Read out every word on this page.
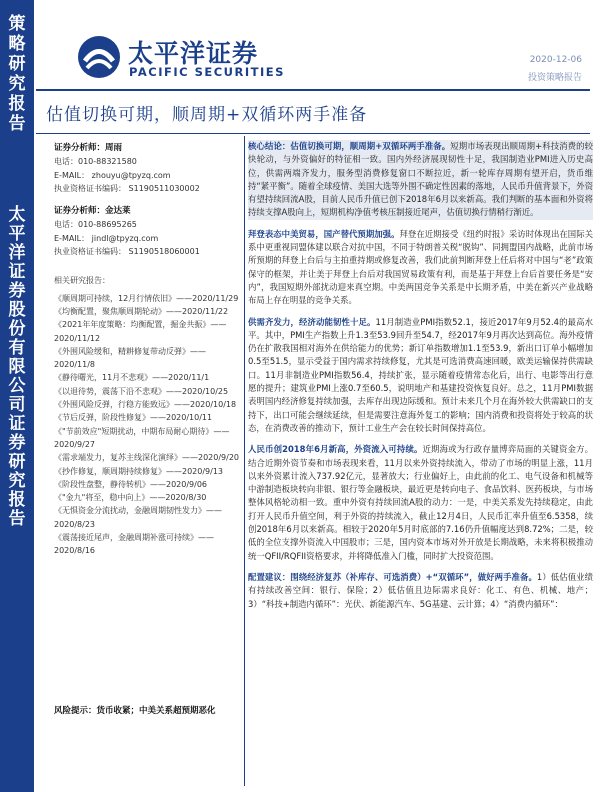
策
略
研
究
报
告
太
平
洋
证
券
股
份
有
限
公
司
证
券
研
究
报
告
太平洋证券
PACIFIC SECURITIES
2020-12-06
投资策略报告
估值切换可期，顺周期+双循环两手准备
证券分析师：周雨
电话：010-88321580
E-MAIL： zhouyu@tpyzq.com
执业资格证书编码： S1190511030002
证券分析师：金达莱
电话：010-88695265
E-MAIL： jindl@tpyzq.com
执业资格证书编码： S1190518060001
相关研究报告：
《顺周期可持续，12月行情依旧》——2020/11/29
《均衡配置，聚焦顺周期轮动》——2020/11/22
《2021年年度策略：均衡配置，掘金共振》——2020/11/12
《外围风险缓和，精耕修复带动反弹》——2020/11/8
《静待曙光，11月不悲观》——2020/11/1
《以退待势，震荡下沿不悲观》——2020/10/25
《外围风险反弹，行稳方能致远》——2020/10/18
《节后反弹，阶段性修复》——2020/10/11
《"节前效应"短期扰动，中期布局耐心期待》——2020/9/27
《需求端发力，复苏主线深化演绎》——2020/9/20
《抄作修复，顺周期持续修复》——2020/9/13
《阶段性盘整，静待转机》——2020/9/06
《"金九"将至，稳中向上》——2020/8/30
《无惧资金分流扰动，金融周期韧性发力》——2020/8/23
《震荡接近尾声，金融周期补涨可持续》——2020/8/16
风险提示：货币收紧；中美关系超预期恶化

核心结论：估值切换可期，顺周期+双循环两手准备。短期市场表现出顺周期+科技消费的较快轮动，与外资偏好的特征相一致。国内外经济展现韧性十足，我国制造业PMI进入历史高位，供需两端齐发力，服务型消费修复窗口不断拉近，新一轮库存周期有望开启，货币维持“紧平衡”。随着全球疫情、美国大选等外围不确定性因素的落地，人民币升值背景下，外资有望持续回流A股，目前人民币升值已创下2018年6月以来新高。我们判断的基本面和外资将持续支撑A股向上，短期机构净值考核压制接近尾声，估值切换行情稍行渐近。

拜登表态中美贸易，国产替代预期加强。拜登在近期接受《纽约时报》采访时体现出在国际关系中更重视同盟体建以联合对抗中国，不同于特朗普关税“脱钩”、同拥盟国内战略，此前市场所预期的拜登上台后与主拍重持期或修复改善，我们此前判断拜登上任后将对中国与“老”政策保守的框架，并让美于拜登上台后对我国贸易政策有利，而是基于拜登上台后首要任务是“安内”，我国短期外部扰动迎来真空期。中美两国竞争关系是中长期矛盾，中美在新兴产业战略布局上存在明显的竞争关系。

供需齐发力，经济动能韧性十足。11月制造业PMI指数52.1，接近2017年9月52.4的最高水平。其中，PMI生产指数上升1.3至53.9回升至54.7，经2017年9月再次达到高位。海外疫情仍在扩散我国相对海外在供给能力的优势；新订单指数增加1.1至53.9，新出口订单小幅增加0.5至51.5，显示受益于国内需求持续修复，尤其是可选消费高速回暖，欧美运输保持供需缺口。11月非制造业PMI指数56.4，持续扩张，显示随着疫情常态化后，出行、电影等出行意愿的提升；建筑业PMI上涨0.7至60.5，说明地产和基建投资恢复良好。总之，11月PMI数据表明国内经济修复持续加强，去库存出现边际缓和。预计未来几个月在海外较大供需缺口的支持下，出口可能会继续延续，但是需要注意海外复工的影响；国内消费和投资将处于较高的状态，在消费改善的推动下，预计工业生产会在较长时间保持高位。

人民币创2018年6月新高，外资流入可持续。近期海或为行政存量博弈局面的关键资金方。结合近期外资节奏和市场表现来看，11月以来外资持续流入，带动了市场的明显上涨，11月以来外资累计流入737.92亿元，显著放大；行业偏好上，由此前的化工、电气设备和机械等中游制造板块转向非银、银行等金融板块，最近更是转向电子、食品饮料、医药板块，与市场整体风格轮动相一致。重申外资有持续回流A股的动力：一是，中美关系发先持续稳定，由此打开人民币升值空间，利于外资的持续流入，截止12月4日，人民币汇率升值至6.5358，续创2018年6月以来新高。相较于2020年5月时底部的7.16仍升值幅度达到8.72%；二是，较低的全位支撑外资流入中国股市；三是，国内资本市场对外开放是长期战略，未来将积极推动统一QFII/RQFII资格要求，并将降低准入门槛，同时扩大投资范围。

配置建议：围绕经济复苏（补库存、可选消费）+“双循环”，做好两手准备。1）低估值业绩有持续改善空间：银行、保险；2）低估值且边际需求良好：化工、有色、机械、地产；3）“科技+制造内循环”：光伏、新能源汽车、5G基建、云计算；4）“消费内循环”：
